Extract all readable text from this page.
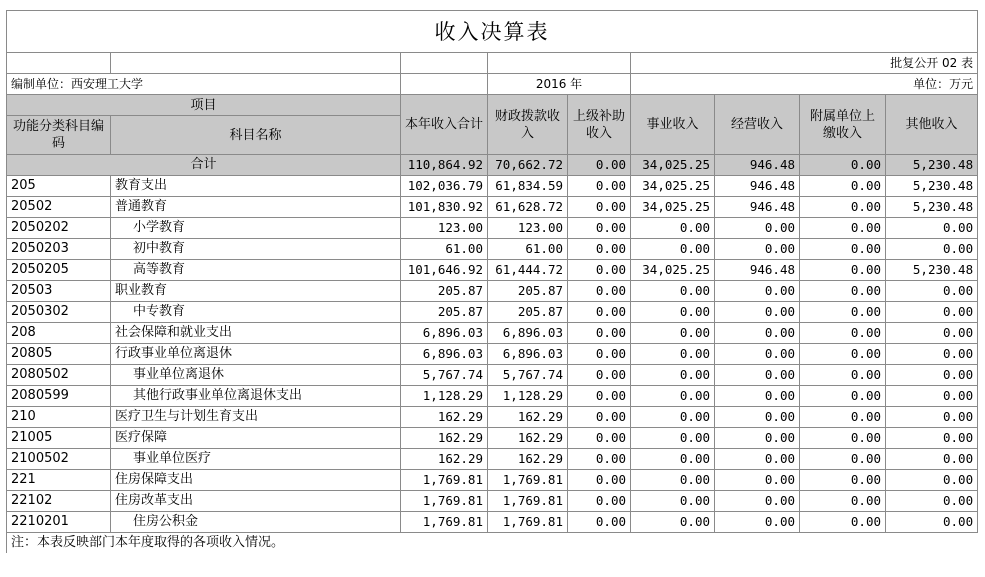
收入决算表								
					批复公开 02 表			
编制单位：西安理工大学			2016 年		单位：万元			
项目		本年收入合计	财政拨款收入	上级补助收入	事业收入	经营收入	附属单位上缴收入	其他收入
功能分类科目编码	科目名称							
合计		110,864.92	70,662.72	0.00	34,025.25	946.48	0.00	5,230.48
205	教育支出	102,036.79	61,834.59	0.00	34,025.25	946.48	0.00	5,230.48
20502	普通教育	101,830.92	61,628.72	0.00	34,025.25	946.48	0.00	5,230.48
2050202	小学教育	123.00	123.00	0.00	0.00	0.00	0.00	0.00
2050203	初中教育	61.00	61.00	0.00	0.00	0.00	0.00	0.00
2050205	高等教育	101,646.92	61,444.72	0.00	34,025.25	946.48	0.00	5,230.48
20503	职业教育	205.87	205.87	0.00	0.00	0.00	0.00	0.00
2050302	中专教育	205.87	205.87	0.00	0.00	0.00	0.00	0.00
208	社会保障和就业支出	6,896.03	6,896.03	0.00	0.00	0.00	0.00	0.00
20805	行政事业单位离退休	6,896.03	6,896.03	0.00	0.00	0.00	0.00	0.00
2080502	事业单位离退休	5,767.74	5,767.74	0.00	0.00	0.00	0.00	0.00
2080599	其他行政事业单位离退休支出	1,128.29	1,128.29	0.00	0.00	0.00	0.00	0.00
210	医疗卫生与计划生育支出	162.29	162.29	0.00	0.00	0.00	0.00	0.00
21005	医疗保障	162.29	162.29	0.00	0.00	0.00	0.00	0.00
2100502	事业单位医疗	162.29	162.29	0.00	0.00	0.00	0.00	0.00
221	住房保障支出	1,769.81	1,769.81	0.00	0.00	0.00	0.00	0.00
22102	住房改革支出	1,769.81	1,769.81	0.00	0.00	0.00	0.00	0.00
2210201	住房公积金	1,769.81	1,769.81	0.00	0.00	0.00	0.00	0.00
注：本表反映部门本年度取得的各项收入情况。								
